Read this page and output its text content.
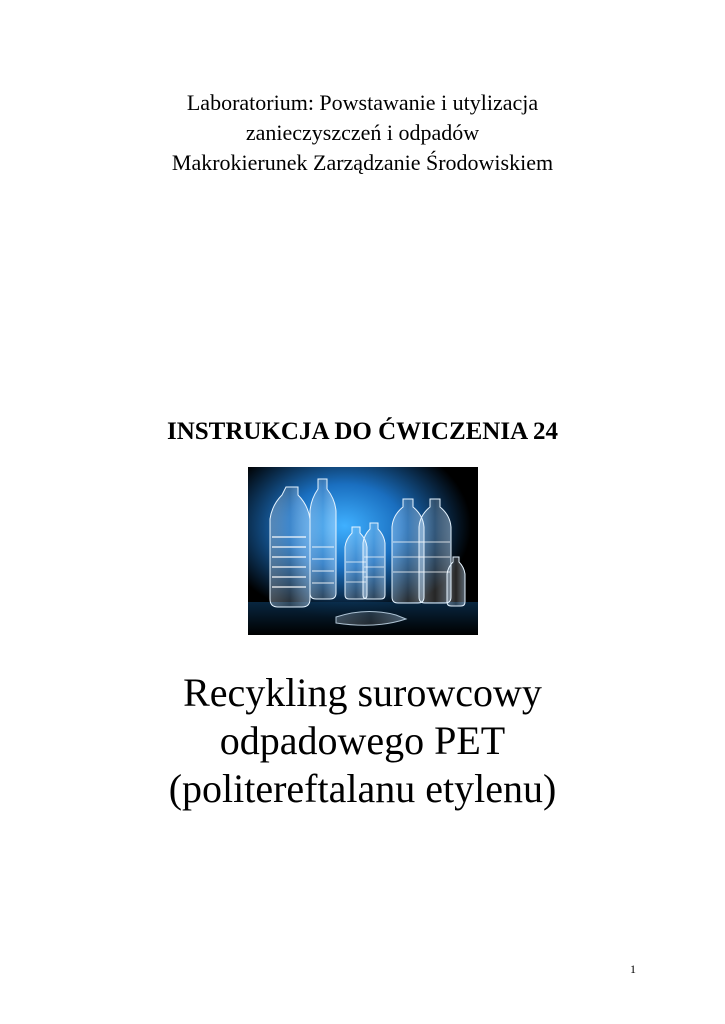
Laboratorium: Powstawanie i utylizacja
zanieczyszczeń i odpadów
Makrokierunek Zarządzanie Środowiskiem
INSTRUKCJA DO ĆWICZENIA 24
Recykling surowcowy
odpadowego PET
(politereftalanu etylenu)
1
